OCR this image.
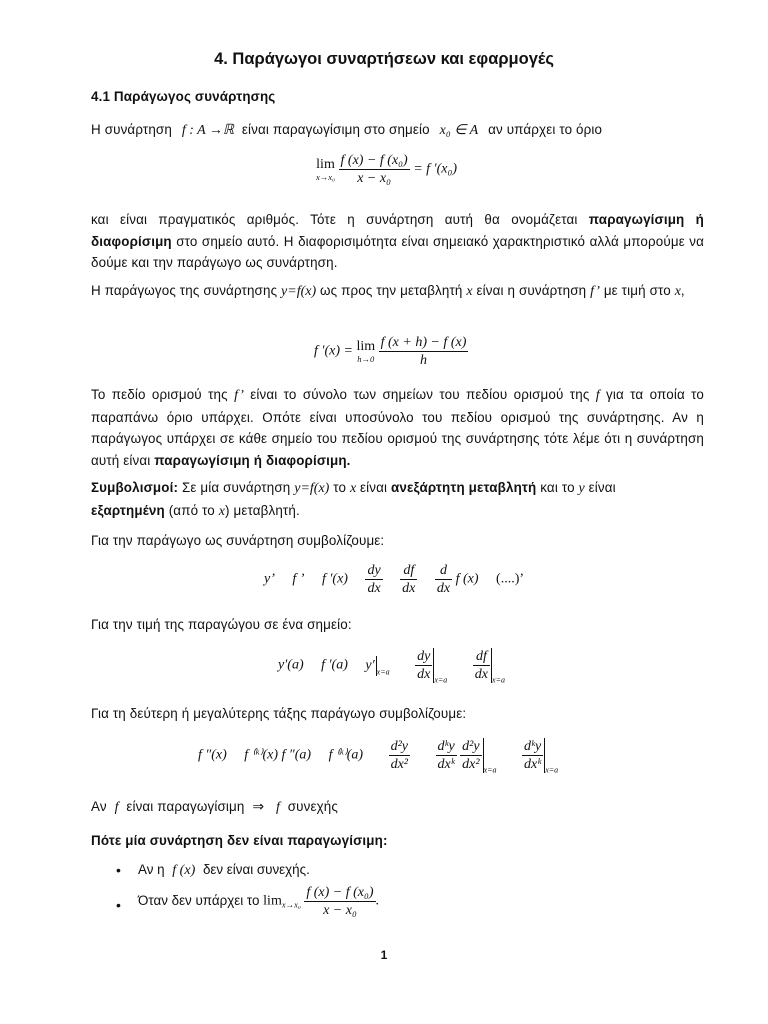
4. Παράγωγοι συναρτήσεων και εφαρμογές
4.1 Παράγωγος συνάρτησης
Η συνάρτηση f : A →ℝ είναι παραγωγίσιμη στο σημείο x₀ ∈ A αν υπάρχει το όριο
lim
x→x₀
$\frac{\text{f (x) − f (x₀)}}{\text{x − x₀}} = f$ ′(x₀)
και είναι πραγματικός αριθμός. Τότε η συνάρτηση αυτή θα ονομάζεται παραγωγίσιμη ή διαφορίσιμη στο σημείο αυτό. Η διαφορισιμότητα είναι σημειακό χαρακτηριστικό αλλά μπορούμε να δούμε και την παράγωγο ως συνάρτηση.
Η παράγωγος της συνάρτησης y=f(x) ως προς την μεταβλητή x είναι η συνάρτηση f’ με τιμή στο x,
f ′(x) = lim
h→0
$\frac{f (x + h) - f (x)}{h}$
Το πεδίο ορισμού της f’ είναι το σύνολο των σημείων του πεδίου ορισμού της f για τα οποία το παραπάνω όριο υπάρχει. Οπότε είναι υποσύνολο του πεδίου ορισμού της συνάρτησης. Αν η παράγωγος υπάρχει σε κάθε σημείο του πεδίου ορισμού της συνάρτησης τότε λέμε ότι η συνάρτηση αυτή είναι παραγωγίσιμη ή διαφορίσιμη.
Συμβολισμοί: Σε μία συνάρτηση y=f(x) το x είναι ανεξάρτητη μεταβλητή και το y είναι
εξαρτημένη (από το x) μεταβλητή.
Για την παράγωγο ως συνάρτηση συμβολίζουμε:
y’ f ’ f $'(x) \frac{dy}{dx}$
$\frac{df}{dx}$
$\frac{d}{dx}$ f (x) (....)’
Για την τιμή της παραγώγου σε ένα σημείο:
y′(a) f ′(a) y′ $_{x=a} \frac{dy}{dx} _{x=a} \frac{df}{dx} _{x=a}$
Για τη δεύτερη ή μεγαλύτερης τάξης παράγωγο συμβολίζουμε:
f ″(x) f ⁽ᵏ⁾(x) f ″(a) f ⁽ᵏ⁾(a) $\frac{\text{d²y}}{\text{dx²}}$
$\frac{\text{dᵏy}}{\text{dxᵏ}}$
$\frac{\text{d²y}}{\text{dx²}} _{x=a} \frac{\text{dᵏy}}{\text{dxᵏ}} _{x=a}$
Αν f είναι παραγωγίσιμη ⇒ f συνεχής
Πότε μία συνάρτηση δεν είναι παραγωγίσιμη:
• Αν η f (x) δεν είναι συνεχής.
• Όταν δεν υπάρχει το $\lim_{x\to x_0} \frac{\text{f (x) − f (x₀)}}{\text{x − x₀}}$ .
1
